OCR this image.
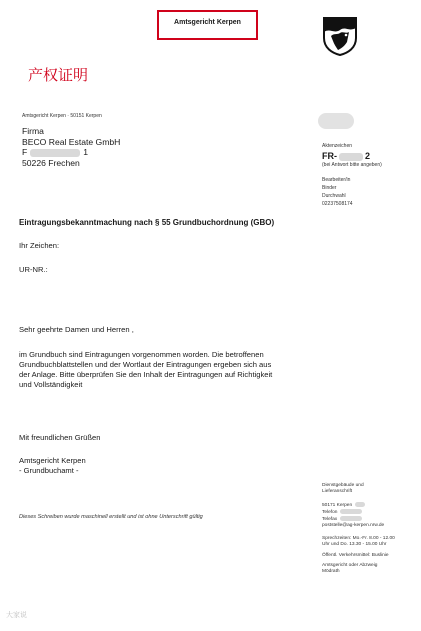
Amtsgericht Kerpen
产权证明
Amtsgericht Kerpen · 50151 Kerpen
Firma
BECO Real Estate GmbH
F	1
50226 Frechen
Aktenzeichen
FR-	2
(bei Antwort bitte angeben)
Bearbeiter/in
Binder
Durchwahl
02237508174
Eintragungsbekanntmachung nach § 55 Grundbuchordnung (GBO)
Ihr Zeichen:
UR-NR.:
Sehr geehrte Damen und Herren ,
im Grundbuch sind Eintragungen vorgenommen worden. Die betroffenen
Grundbuchblattstellen und der Wortlaut der Eintragungen ergeben sich aus
der Anlage. Bitte überprüfen Sie den Inhalt der Eintragungen auf Richtigkeit
und Vollständigkeit
Mit freundlichen Grüßen
Amtsgericht Kerpen
- Grundbuchamt -
Dieses Schreiben wurde maschinell erstellt und ist ohne Unterschrift gültig
Dienstgebäude und
Lieferanschrift
50171 Kerpen
Telefon
Telefax
poststelle@ag-kerpen.nrw.de
Sprechzeiten: Mo.-Fr. 8.00 - 12.00
Uhr und Do. 13.30 - 15.00 Uhr
Öffentl. Verkehrsmittel: Buslinie
Amtsgericht oder Abzweig
Mödrath
大家说
